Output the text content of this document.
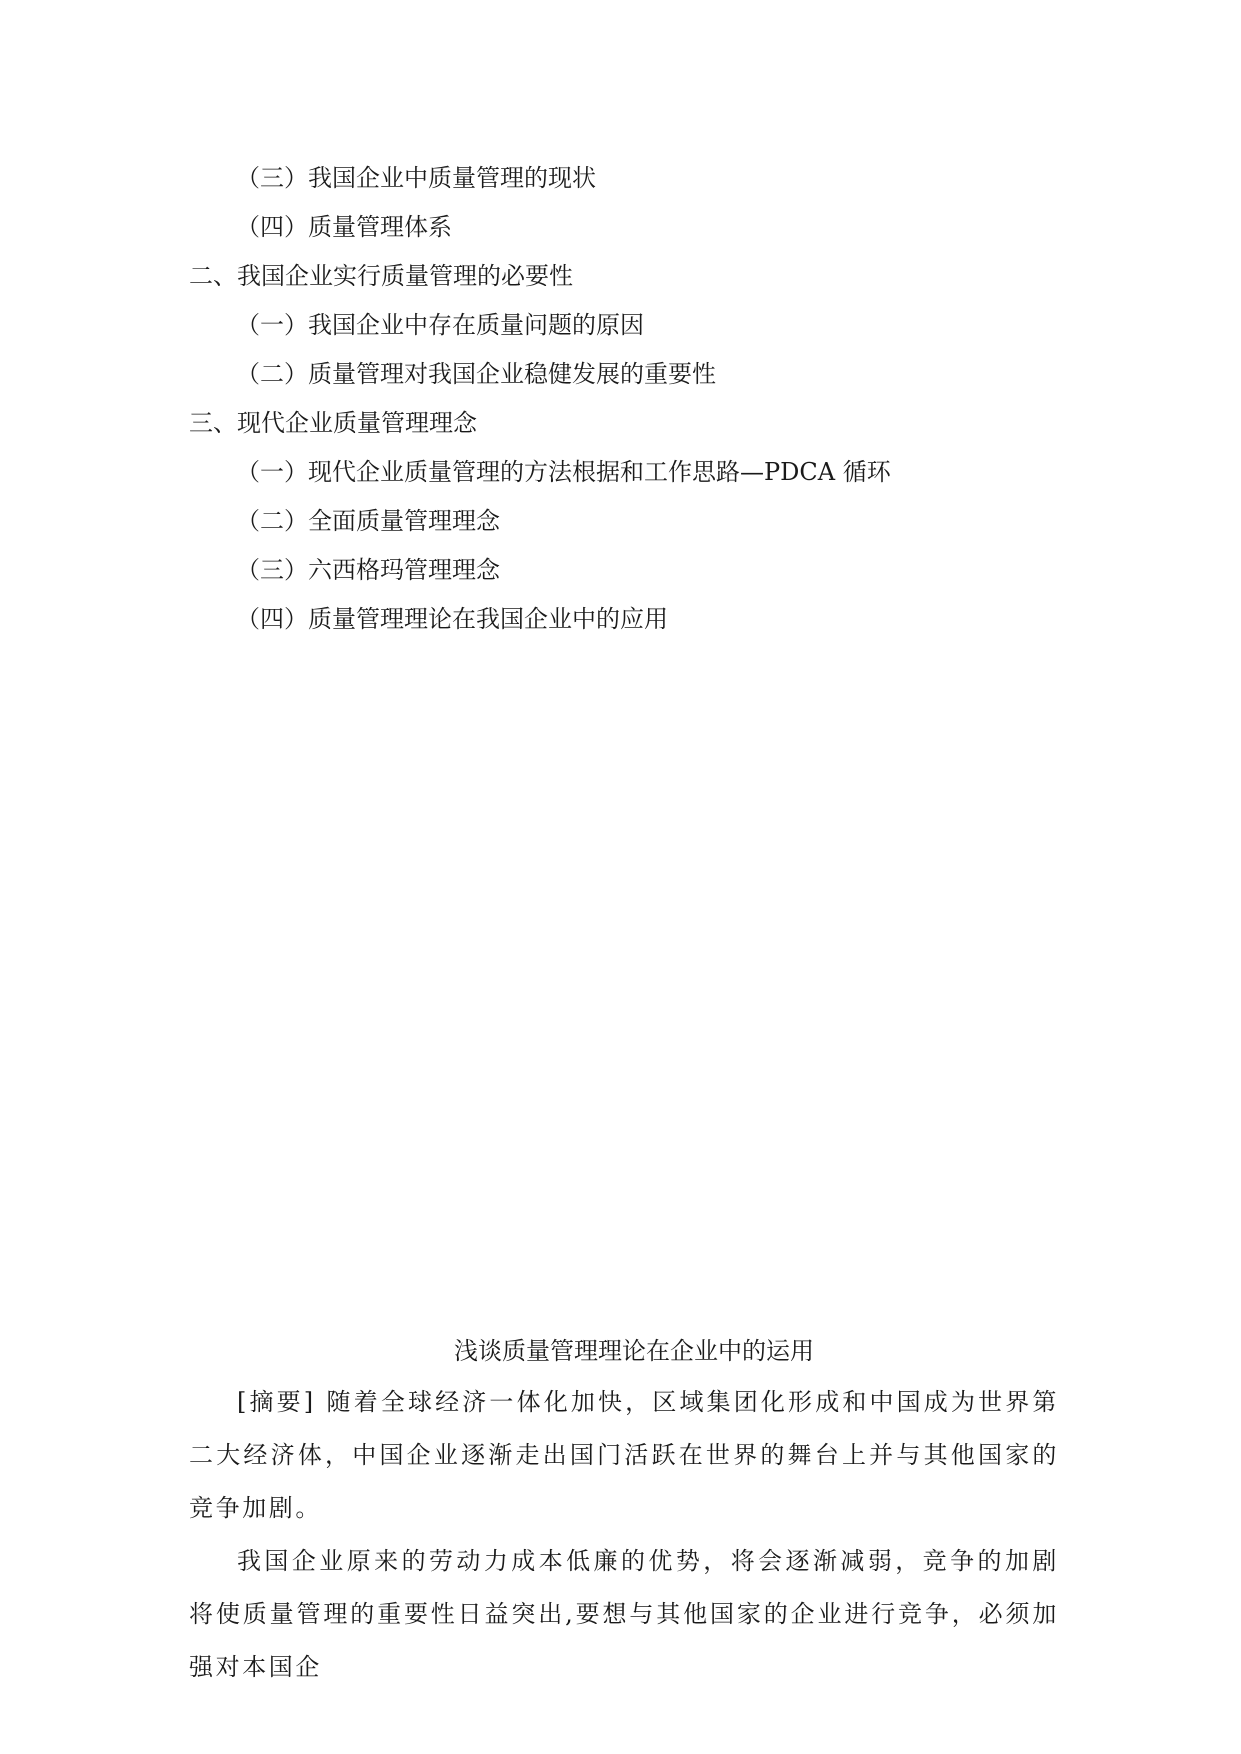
（三）我国企业中质量管理的现状
（四）质量管理体系
二、我国企业实行质量管理的必要性
（一）我国企业中存在质量问题的原因
（二）质量管理对我国企业稳健发展的重要性
三、现代企业质量管理理念
（一）现代企业质量管理的方法根据和工作思路—PDCA 循环
（二）全面质量管理理念
（三）六西格玛管理理念
（四）质量管理理论在我国企业中的应用
浅谈质量管理理论在企业中的运用

[摘要] 随着全球经济一体化加快，区域集团化形成和中国成为世界第二大经济体，中国企业逐渐走出国门活跃在世界的舞台上并与其他国家的竞争加剧。

我国企业原来的劳动力成本低廉的优势，将会逐渐减弱，竞争的加剧将使质量管理的重要性日益突出,要想与其他国家的企业进行竞争，必须加强对本国企
